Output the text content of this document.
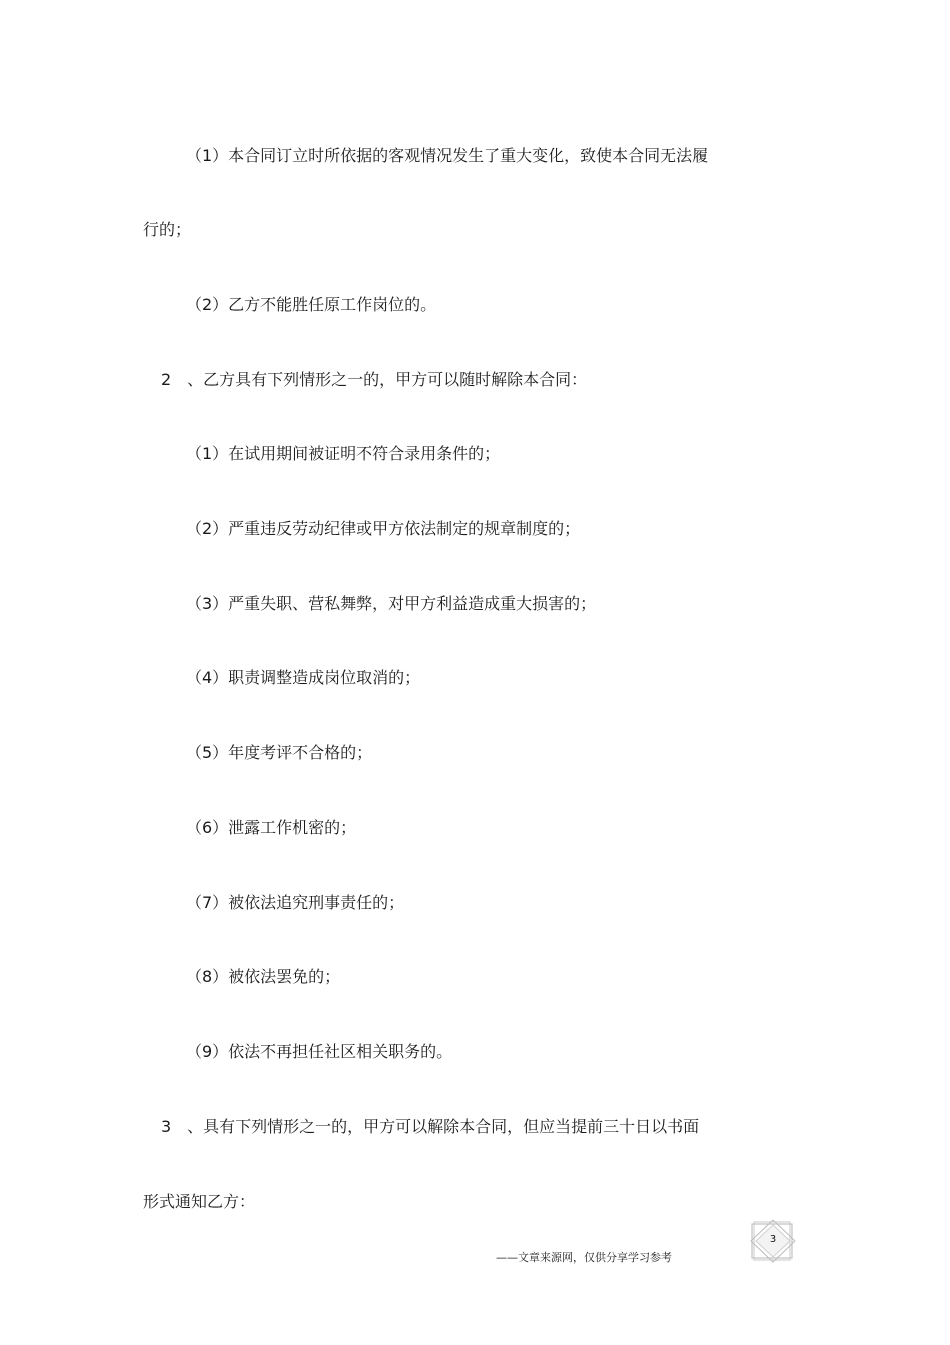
（1）本合同订立时所依据的客观情况发生了重大变化，致使本合同无法履
行的；
（2）乙方不能胜任原工作岗位的。
2　、乙方具有下列情形之一的，甲方可以随时解除本合同：
（1）在试用期间被证明不符合录用条件的；
（2）严重违反劳动纪律或甲方依法制定的规章制度的；
（3）严重失职、营私舞弊，对甲方利益造成重大损害的；
（4）职责调整造成岗位取消的；
（5）年度考评不合格的；
（6）泄露工作机密的；
（7）被依法追究刑事责任的；
（8）被依法罢免的；
（9）依法不再担任社区相关职务的。
3　、具有下列情形之一的，甲方可以解除本合同，但应当提前三十日以书面
形式通知乙方：
——文章来源网，仅供分享学习参考
3
